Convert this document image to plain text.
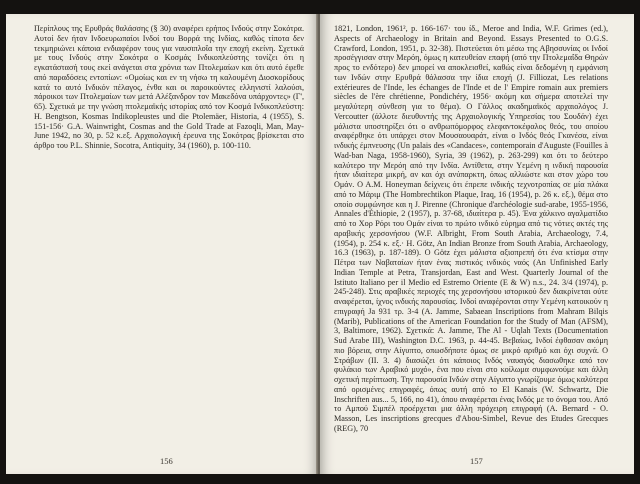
Περίπλους της Ερυθράς θαλάσσης (§ 30) αναφέρει ερήπος Ινδούς στην Σοκότρα. Αυτοί δεν ήταν Ινδοευρωπαίοι Ινδοί του Βορρά της Ινδίας, καθώς τίποτα δεν τεκμηριώνει κάποια ενδιαφέρον τους για ναυσιπλοΐα την εποχή εκείνη. Σχετικά με τους Ινδούς στην Σοκότρα ο Κοσμάς Ινδικοπλεύστης τονίζει ότι η εγκατάστασή τους εκεί ανάγεται στα χρόνια των Πτολεμαίων και ότι αυτό έφεθε από παραδόσεις εντοπίων: «Ομοίως και εν τη νήσω τη καλουμένη Διοσκορίδους κατά το αυτό Ινδικόν πέλαγος, ένθα και οι παροικούντες ελληνιστί λαλούσι, πάροικοι των Πτολεμαίων των μετά Αλέξανδρον τον Μακεδόνα υπάρχοντες» (Γ', 65). Σχετικά με την γνώση πτολεμαϊκής ιστορίας από τον Κοσμά Ινδικοπλεύστη: H. Bengtson, Kosmas Indikopleustes und die Ptolemäer, Historia, 4 (1955), S. 151-156· G.A. Wainwright, Cosmas and the Gold Trade at Fazoqli, Man, May-June 1942, no 30, p. 52 κ.εξ. Αρχαιολογική έρευνα της Σοκότρας βρίσκεται στο άρθρο του P.L. Shinnie, Socotra, Antiquity, 34 (1960), p. 100-110.

156

1821, London, 1961², p. 166-167· του ίδ., Meroe and India, W.F. Grimes (ed.), Aspects of Archaeology in Britain and Beyond. Essays Presented to O.G.S. Crawford, London, 1951, p. 32-38). Πιστεύεται ότι μέσω της Αβησσυνίας οι Ινδοί προσέγγισαν στην Μερόη, όμως η κατευθείαν επαφή (από την Πτολεμαΐδα Θηρών προς το ενδότερο) δεν μπορεί να αποκλεισθεί, καθώς είναι δεδομένη η εμφάνιση των Ινδών στην Ερυθρά θάλασσα την ίδια εποχή (J. Filliozat, Les relations extérieures de l'Inde, les échanges de l'Inde et de l' Empire romain aux premiers siècles de l'ère chrétienne, Pondichéry, 1956· ακόμη και σήμερα αποτελεί την μεγαλύτερη σύνθεση για το θέμα). Ο Γάλλος ακαδημαϊκός αρχαιολόγος J. Vercoutter (άλλοτε διευθυντής της Αρχαιολογικής Υπηρεσίας του Σουδάν) έχει μάλιστα υποστηρίξει ότι ο ανθρωπόμορφος ελεφαντοκέφαλος θεός, του οποίου αναφέρθηκε ότι υπάρχει στον Μουσαουαράτ, είναι ο Ινδός θεός Γκανέσα, είναι ινδικής έμπνευσης (Un palais des «Candaces», contemporain d'Auguste (Fouilles à Wad-ban Naga, 1958-1960), Syria, 39 (1962), p. 263-299) και ότι το δεύτερο καλύτερο την Μερόη από την Ινδία. Αντίθετα, στην Υεμένη η ινδική παρουσία ήταν ιδιαίτερα μικρή, αν και όχι ανύπαρκτη, όπως αλλιώστε και στον χώρο του Ομάν. O A.M. Honeyman δείχνεις ότι έπρεπε ινδικής τεχνοτροπίας σε μία πλάκα από το Μάριμ (The Hombrechtikon Plaque, Iraq, 16 (1954), p. 26 κ. εξ.), θέμα στο οποίο συμφώνησε και η J. Pirenne (Chronique d'archéologie sud-arabe, 1955-1956, Annales d'Éthiopie, 2 (1957), p. 37-68, ιδιαίτερα p. 45). Ένα χάλκινο αγαλματίδιο από το Χορ Ρόρι του Ομάν είναι το πρώτο ινδικό εύρημα από τις νότιες ακτές της αραβικής χερσονήσου (W.F. Albright, From South Arabia, Archaeology, 7.4, (1954), p. 254 κ. εξ.· H. Götz, An Indian Bronze from South Arabia, Archaeology, 16.3 (1963), p. 187-189). Ο Götz έχει μάλιστα αξιοπρεπή ότι ένα κτίσμα στην Πέτρα των Ναβαταίων ήταν ένας πιστικός ινδικός ναός (An Unfinished Early Indian Temple at Petra, Transjordan, East and West. Quarterly Journal of the Istituto Italiano per il Medio ed Estremo Oriente (E & W) n.s., 24. 3/4 (1974), p. 245-248). Στις αραβικές περιοχές της χερσονήσου ιστορικού δεν διακρίνεται ούτε αναφέρεται, ίχνος ινδικής παρουσίας. Ινδοί αναφέρονται στην Υεμένη κατοικούν η επιγραφή Ja 931 τρ. 3-4 (A. Jamme, Sabaean Inscriptions from Mahram Bilqis (Marib), Publications of the American Foundation for the Study of Man (AFSM), 3, Baltimore, 1962). Σχετικά: A. Jamme, The Al - Uqlah Texts (Documentation Sud Arabe III), Washington D.C. 1963, p. 44-45. Βεβαίως, Ινδοί έφθασαν ακόμη πιο βόρεια, στην Αίγυπτο, οπωσδήποτε όμως σε μικρό αριθμό και όχι συχνά. Ο Στράβων (II. 3. 4) διασώζει ότι κάποιος Ινδός ναυαγός διασωθηκε από τον φυλάκιο των Αραβικό μυχό», ένα που είναι στο κοίλωμα συμφωνούμε και άλλη σχετική περίπτωση. Την παρουσία Ινδών στην Αίγυπτο γνωρίζουμε όμως καλύτερα από ορισμένες επιγραφές, όπως αυτή από το El Kanais (W. Schwartz, Die Inschriften aus... 5, 166, no 41), όπου αναφέρεται ένας Ινδός με το όνομα του. Από το Αμπού Σιμπέλ προέρχεται μια άλλη πρόχειρη επιγραφή (A. Bernard - O. Masson, Les inscriptions grecques d'Abou-Simbel, Revue des Etudes Grecques (REG), 70

157
